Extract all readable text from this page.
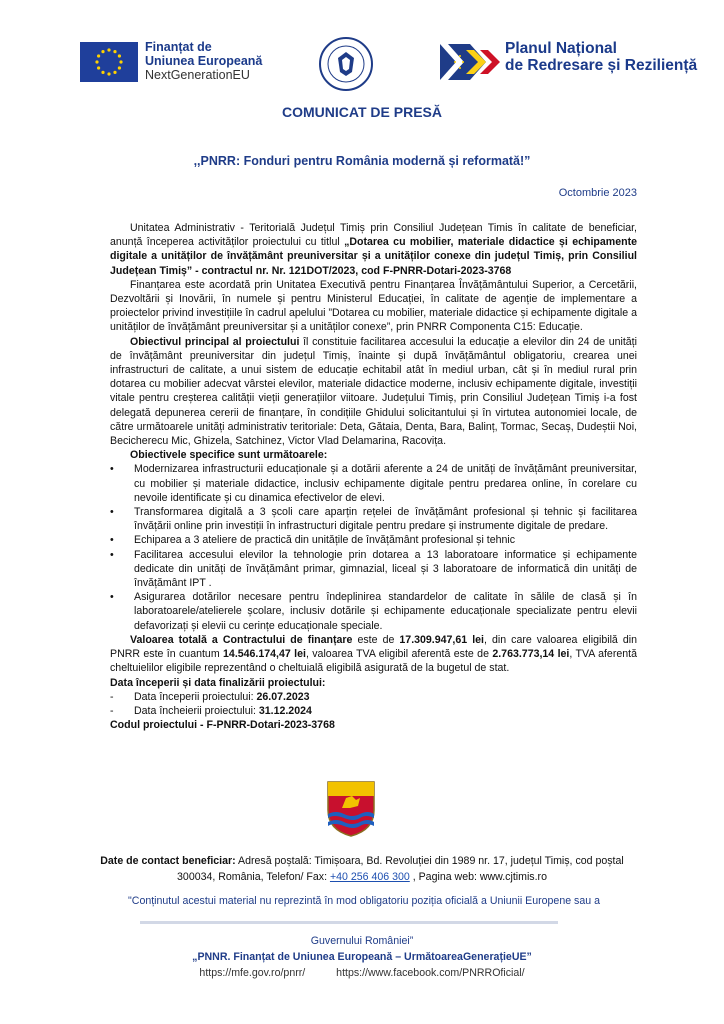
Finanțat de
Uniunea Europeană
NextGenerationEU
Planul Național
de Redresare și Reziliență
COMUNICAT DE PRESĂ
,,PNRR: Fonduri pentru România modernă și reformată!”
Octombrie 2023

Unitatea Administrativ - Teritorială Județul Timiș prin Consiliul Județean Timis în calitate de beneficiar, anunță începerea activităților proiectului cu titlul „Dotarea cu mobilier, materiale didactice și echipamente digitale a unităților de învățământ preuniversitar și a unităților conexe din județul Timiș, prin Consiliul Județean Timiș” - contractul nr. Nr. 121DOT/2023, cod F-PNRR-Dotari-2023-3768

Finanțarea este acordată prin Unitatea Executivă pentru Finanțarea Învățământului Superior, a Cercetării, Dezvoltării și Inovării, în numele și pentru Ministerul Educației, în calitate de agenție de implementare a proiectelor privind investițiile în cadrul apelului ”Dotarea cu mobilier, materiale didactice și echipamente digitale a unităților de învățământ preuniversitar și a unităților conexe”, prin PNRR Componenta C15: Educație.

Obiectivul principal al proiectului îl constituie facilitarea accesului la educație a elevilor din 24 de unități de învățământ preuniversitar din județul Timiș, înainte și după învățământul obligatoriu, crearea unei infrastructuri de calitate, a unui sistem de educație echitabil atât în mediul urban, cât și în mediul rural prin dotarea cu mobilier adecvat vârstei elevilor, materiale didactice moderne, inclusiv echipamente digitale, investiții vitale pentru creșterea calității vieții generațiilor viitoare. Județului Timiș, prin Consiliul Județean Timiș i-a fost delegată depunerea cererii de finanțare, în condițiile Ghidului solicitantului și în virtutea autonomiei locale, de către următoarele unități administrativ teritoriale: Deta, Gătaia, Denta, Bara, Balinț, Tormac, Secaș, Dudeștii Noi, Becicherecu Mic, Ghizela, Satchinez, Victor Vlad Delamarina, Racovița.

Obiectivele specifice sunt următoarele:

• Modernizarea infrastructurii educaționale și a dotării aferente a 24 de unități de învățământ preuniversitar, cu mobilier și materiale didactice, inclusiv echipamente digitale pentru predarea online, în corelare cu nevoile identificate și cu dinamica efectivelor de elevi.
• Transformarea digitală a 3 școli care aparțin rețelei de învățământ profesional și tehnic și facilitarea învățării online prin investiții în infrastructuri digitale pentru predare și instrumente digitale de predare.
• Echiparea a 3 ateliere de practică din unitățile de învățământ profesional și tehnic
• Facilitarea accesului elevilor la tehnologie prin dotarea a 13 laboratoare informatice și echipamente dedicate din unități de învățământ primar, gimnazial, liceal și 3 laboratoare de informatică din unități de învățământ IPT .
• Asigurarea dotărilor necesare pentru îndeplinirea standardelor de calitate în sălile de clasă și în laboratoarele/atelierele școlare, inclusiv dotările și echipamente educaționale specializate pentru elevii defavorizați și elevii cu cerințe educaționale speciale.

Valoarea totală a Contractului de finanțare este de 17.309.947,61 lei, din care valoarea eligibilă din PNRR este în cuantum 14.546.174,47 lei, valoarea TVA eligibil aferentă este de 2.763.773,14 lei, TVA aferentă cheltuielilor eligibile reprezentând o cheltuială eligibilă asigurată de la bugetul de stat.

Data începerii și data finalizării proiectului:

- Data începerii proiectului: 26.07.2023
- Data încheierii proiectului: 31.12.2024

Codul proiectului - F-PNRR-Dotari-2023-3768

Date de contact beneficiar: Adresă poștală: Timișoara, Bd. Revoluției din 1989 nr. 17, județul Timiș, cod poștal 300034, România, Telefon/ Fax: +40 256 406 300 , Pagina web: www.cjtimis.ro
"Conținutul acestui material nu reprezintă în mod obligatoriu poziția oficială a Uniunii Europene sau a
Guvernului României”
„PNNR. Finanțat de Uniunea Europeană – UrmătoareaGenerațieUE”
https://mfe.gov.ro/pnrr/	https://www.facebook.com/PNRROficial/
